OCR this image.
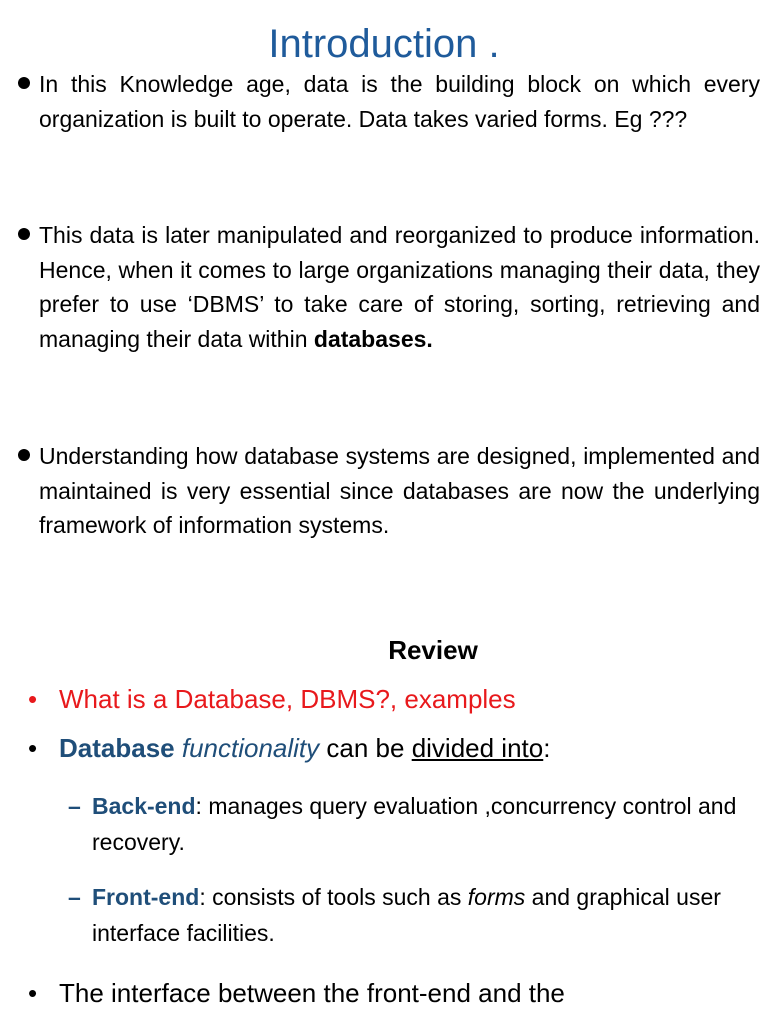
Introduction .
In this Knowledge age, data is the building block on which every organization is built to operate. Data takes varied forms. Eg ???
This data is later manipulated and reorganized to produce information. Hence, when it comes to large organizations managing their data, they prefer to use ‘DBMS’ to take care of storing, sorting, retrieving and managing their data within databases.
Understanding how database systems are designed, implemented and maintained is very essential since databases are now the underlying framework of information systems.
Review
• What is a Database, DBMS?, examples
• Database functionality can be divided into:
– Back-end: manages query evaluation ,concurrency control and recovery.
– Front-end: consists of tools such as forms and graphical user interface facilities.
• The interface between the front-end and the
